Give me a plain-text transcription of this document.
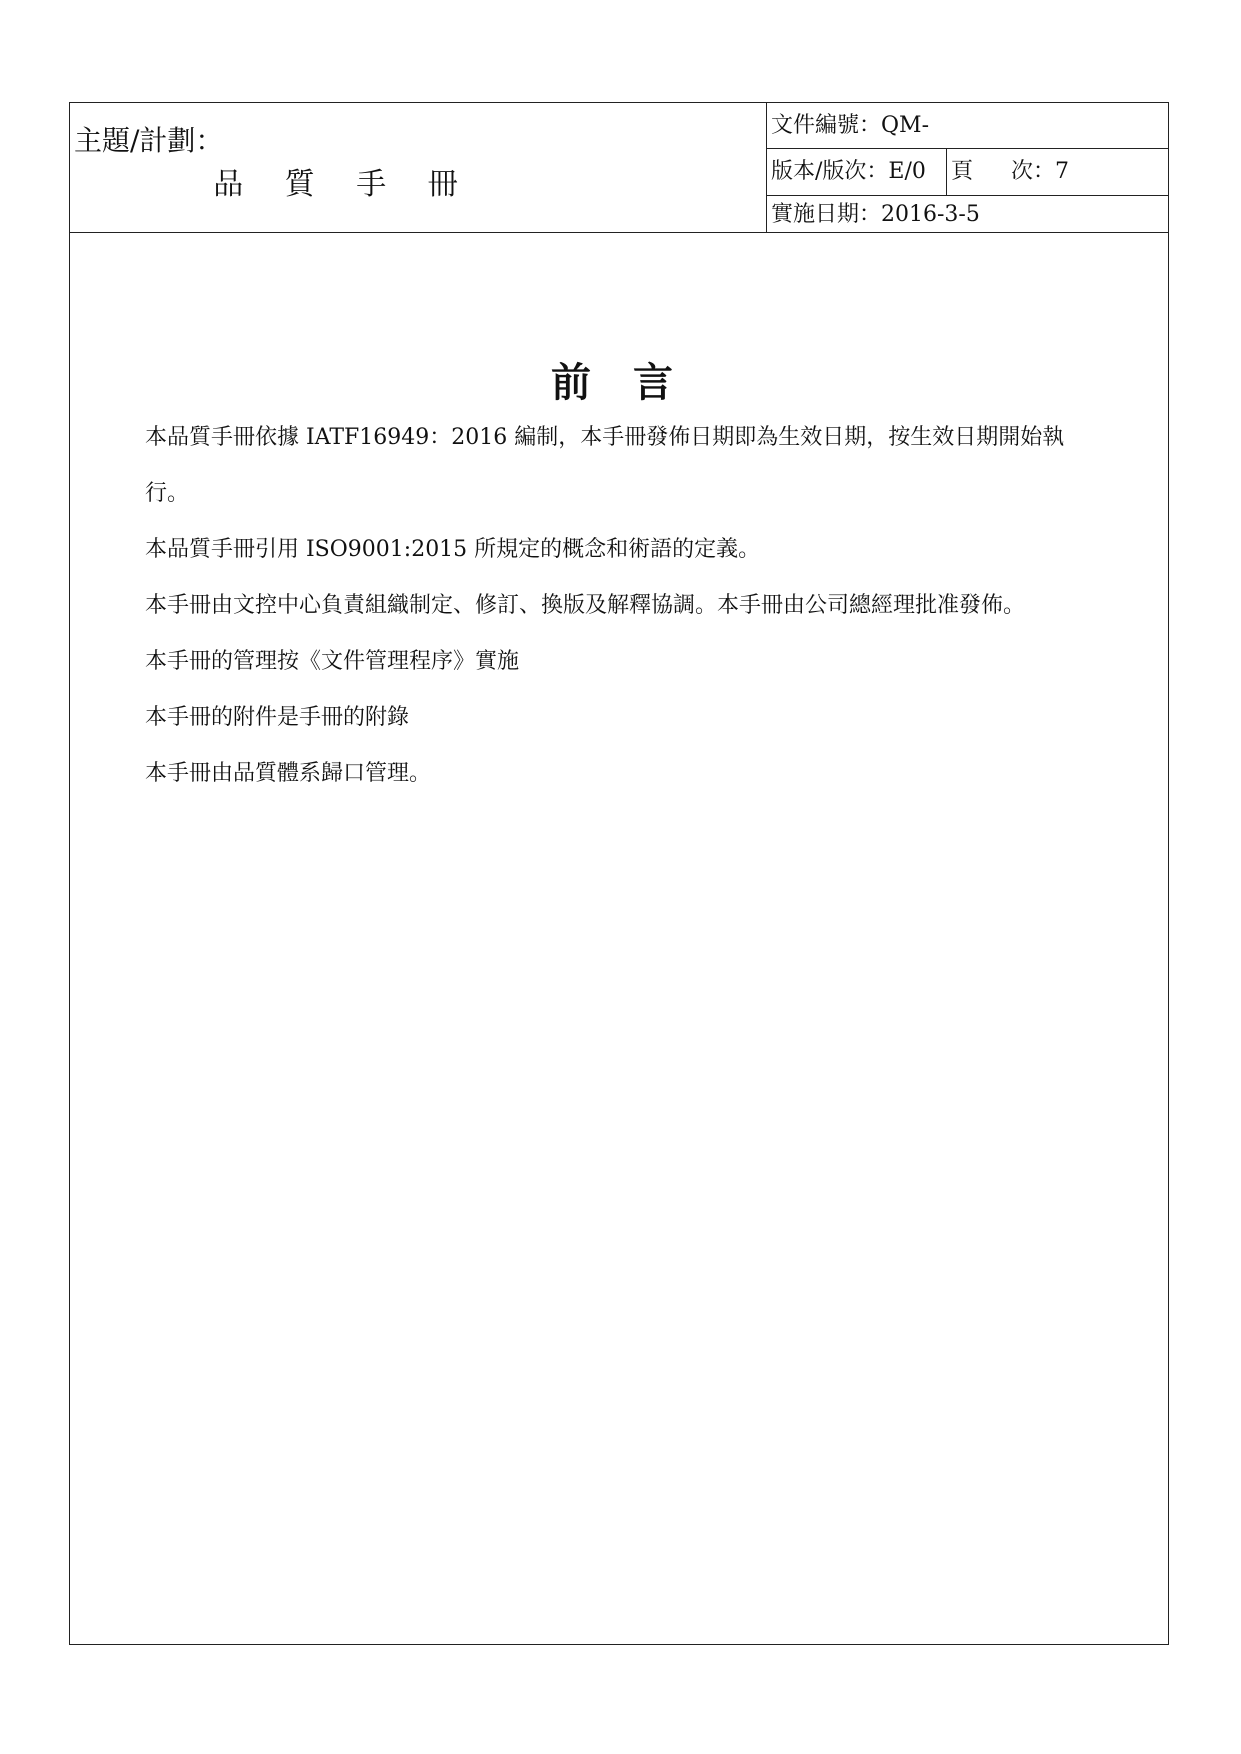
主題/計劃：
品 質 手 冊
文件編號：QM-
版本/版次：E/0	頁 次：7
實施日期：2016-3-5
前 言
本品質手冊依據 IATF16949：2016 編制，本手冊發佈日期即為生效日期，按生效日期開始執
行。
本品質手冊引用 ISO9001:2015 所規定的概念和術語的定義。
本手冊由文控中心負責組織制定、修訂、換版及解釋協調。本手冊由公司總經理批准發佈。
本手冊的管理按《文件管理程序》實施
本手冊的附件是手冊的附錄
本手冊由品質體系歸口管理。
